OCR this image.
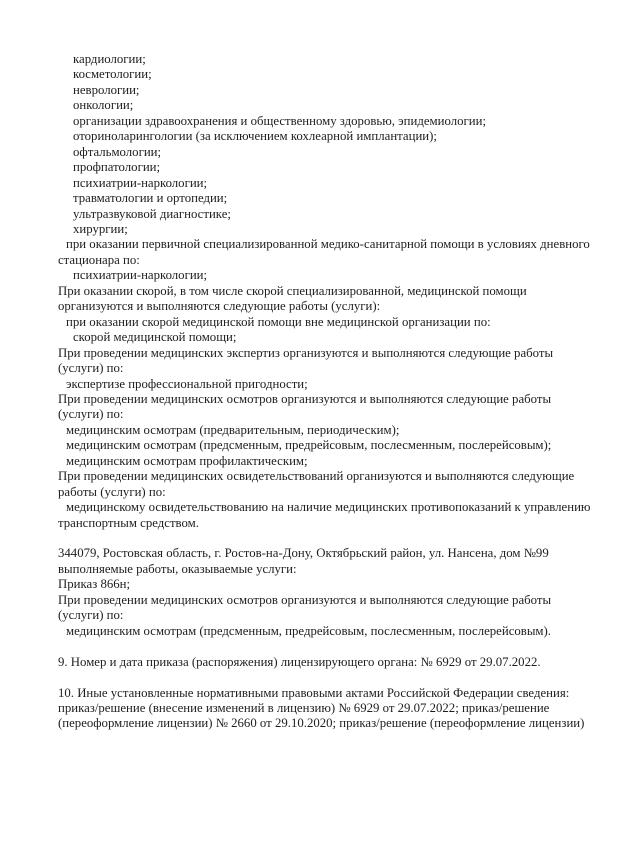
кардиологии;
косметологии;
неврологии;
онкологии;
организации здравоохранения и общественному здоровью, эпидемиологии;
оториноларингологии (за исключением кохлеарной имплантации);
офтальмологии;
профпатологии;
психиатрии-наркологии;
травматологии и ортопедии;
ультразвуковой диагностике;
хирургии;
при оказании первичной специализированной медико-санитарной помощи в условиях дневного
стационара по:
психиатрии-наркологии;
При оказании скорой, в том числе скорой специализированной, медицинской помощи
организуются и выполняются следующие работы (услуги):
при оказании скорой медицинской помощи вне медицинской организации по:
скорой медицинской помощи;
При проведении медицинских экспертиз организуются и выполняются следующие работы
(услуги) по:
экспертизе профессиональной пригодности;
При проведении медицинских осмотров организуются и выполняются следующие работы
(услуги) по:
медицинским осмотрам (предварительным, периодическим);
медицинским осмотрам (предсменным, предрейсовым, послесменным, послерейсовым);
медицинским осмотрам профилактическим;
При проведении медицинских освидетельствований организуются и выполняются следующие
работы (услуги) по:
медицинскому освидетельствованию на наличие медицинских противопоказаний к управлению
транспортным средством.
344079, Ростовская область, г. Ростов-на-Дону, Октябрьский район, ул. Нансена, дом №99
выполняемые работы, оказываемые услуги:
Приказ 866н;
При проведении медицинских осмотров организуются и выполняются следующие работы
(услуги) по:
медицинским осмотрам (предсменным, предрейсовым, послесменным, послерейсовым).
9. Номер и дата приказа (распоряжения) лицензирующего органа: № 6929 от 29.07.2022.
10. Иные установленные нормативными правовыми актами Российской Федерации сведения:
приказ/решение (внесение изменений в лицензию) № 6929 от 29.07.2022; приказ/решение
(переоформление лицензии) № 2660 от 29.10.2020; приказ/решение (переоформление лицензии)
